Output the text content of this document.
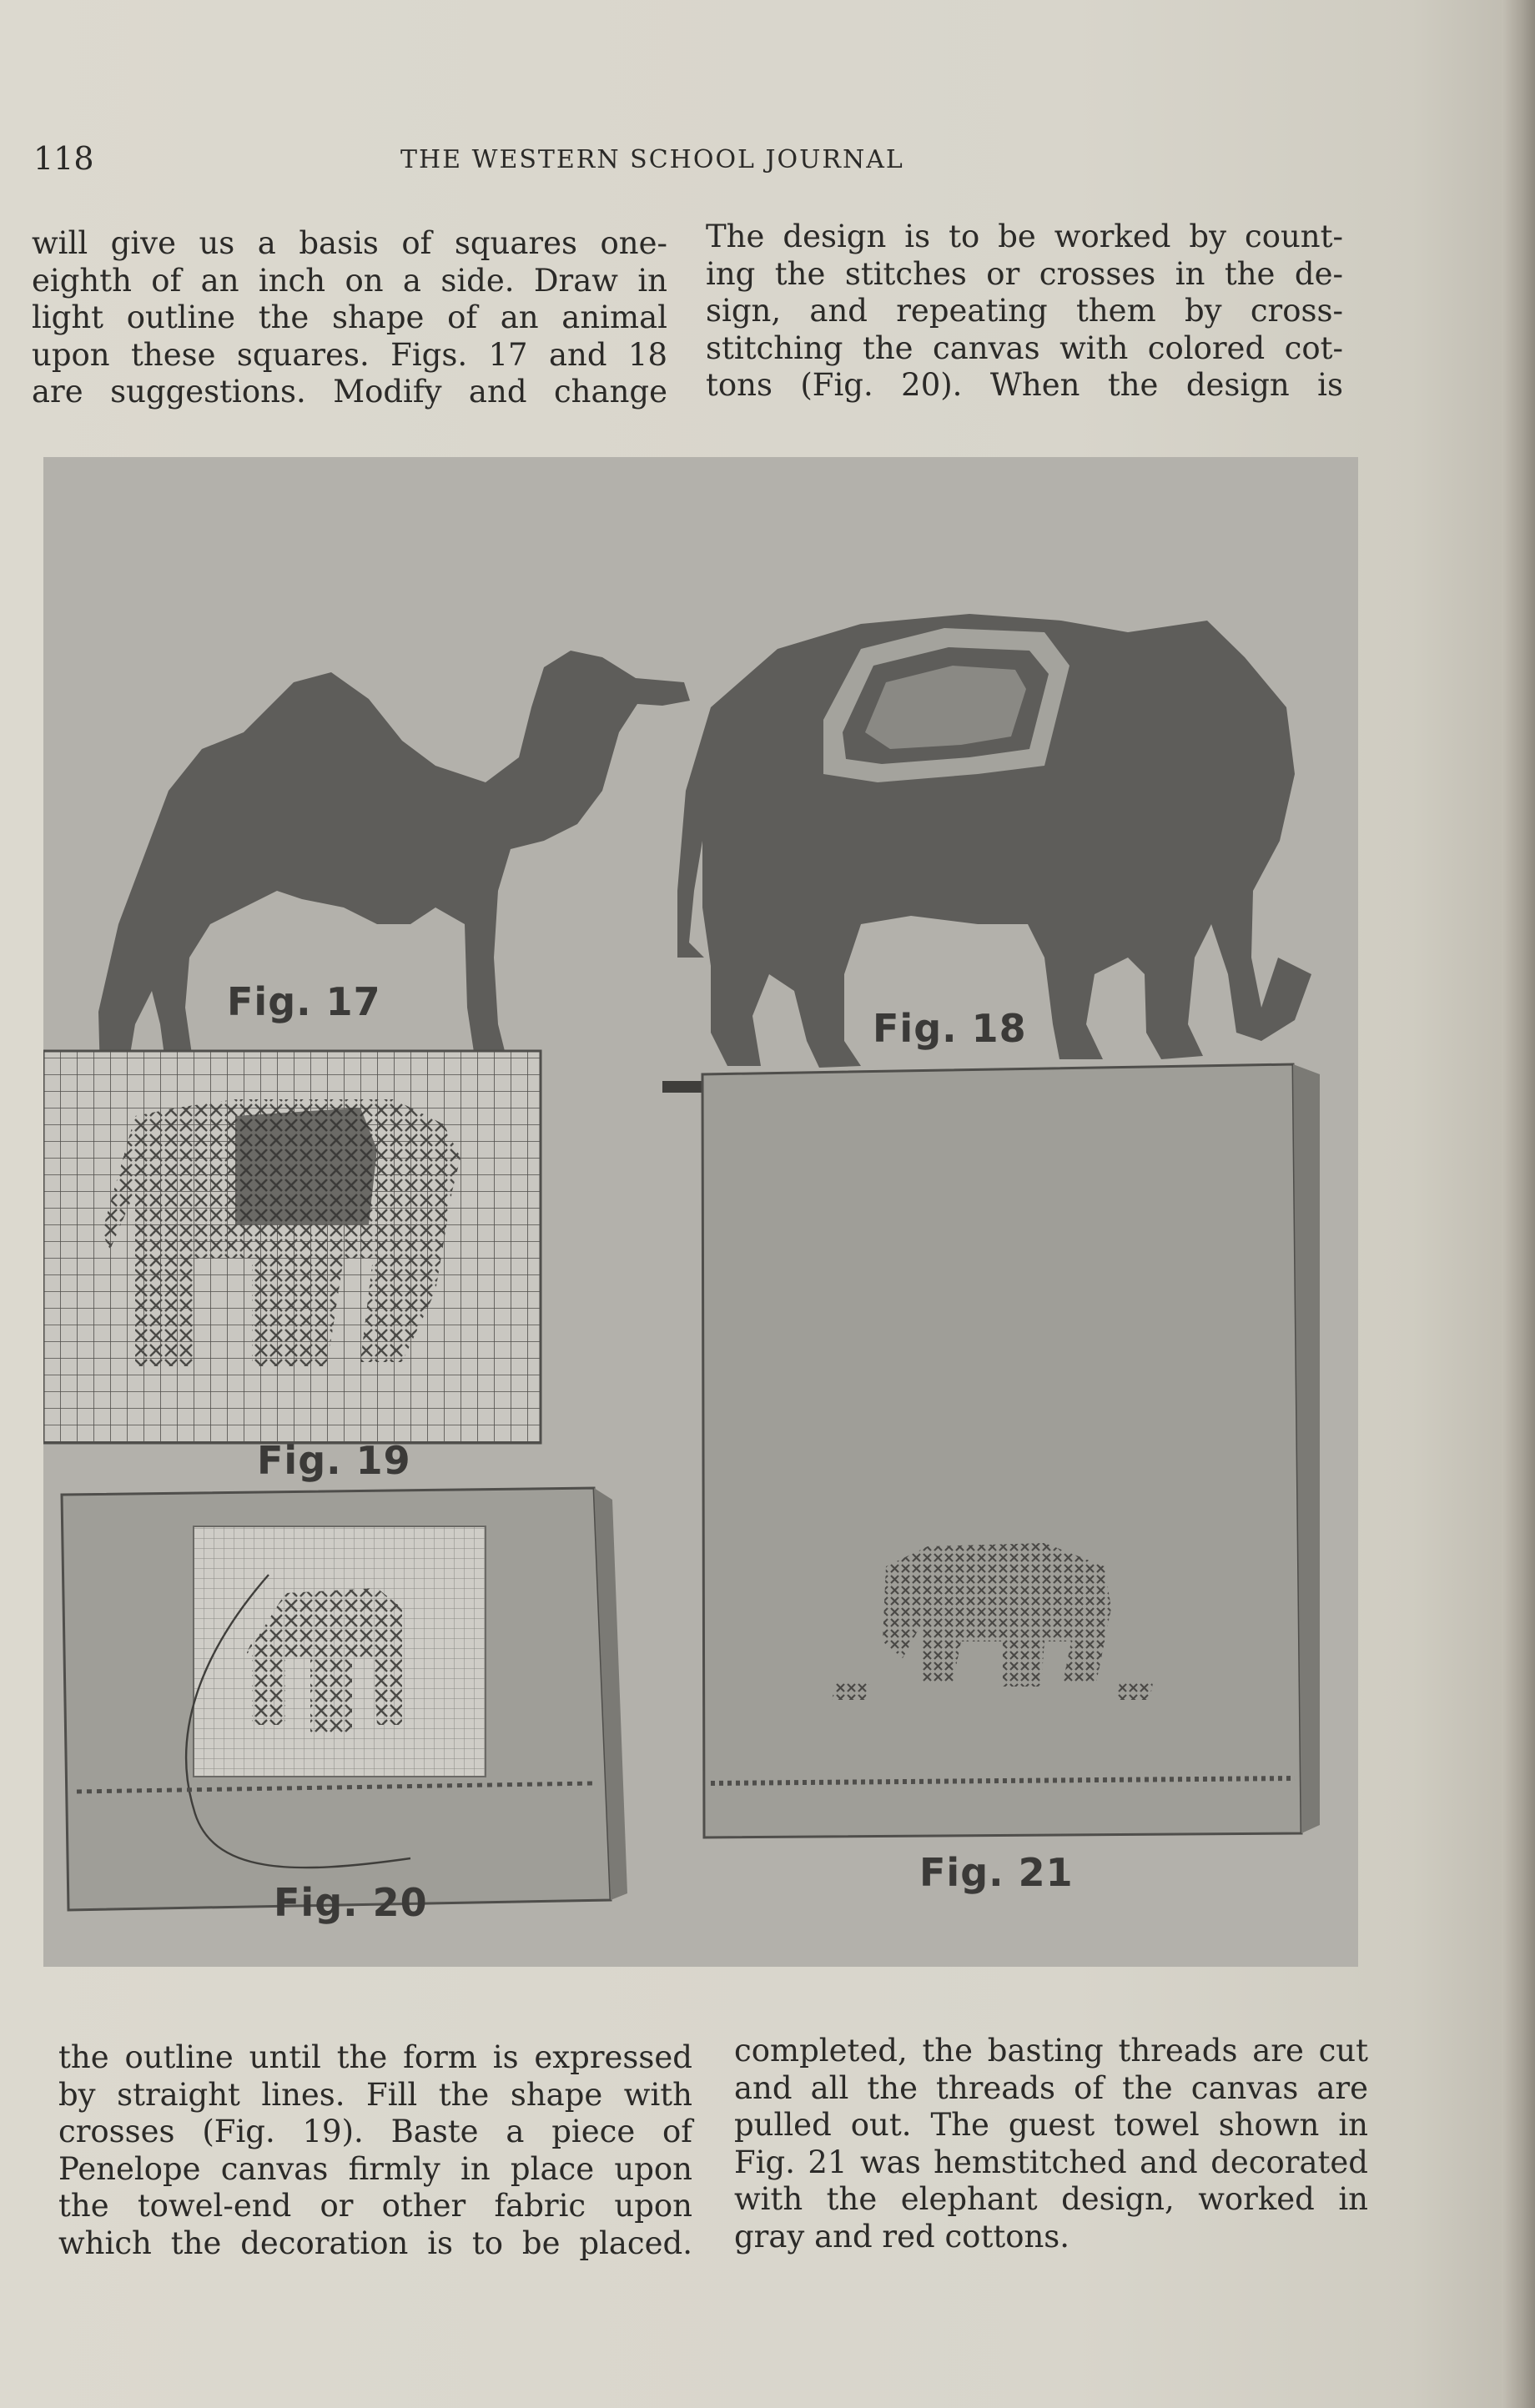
118	THE WESTERN SCHOOL JOURNAL
will give us a basis of squares one-
eighth of an inch on a side. Draw in
light outline the shape of an animal
upon these squares. Figs. 17 and 18
are suggestions. Modify and change
The design is to be worked by count-
ing the stitches or crosses in the de-
sign, and repeating them by cross-
stitching the canvas with colored cot-
tons (Fig. 20). When the design is
Fig. 17
Fig. 18
Fig. 19
Fig. 20
Fig. 21
the outline until the form is expressed
by straight lines. Fill the shape with
crosses (Fig. 19). Baste a piece of
Penelope canvas firmly in place upon
the towel-end or other fabric upon
which the decoration is to be placed.
completed, the basting threads are cut
and all the threads of the canvas are
pulled out. The guest towel shown in
Fig. 21 was hemstitched and decorated
with the elephant design, worked in
gray and red cottons.
